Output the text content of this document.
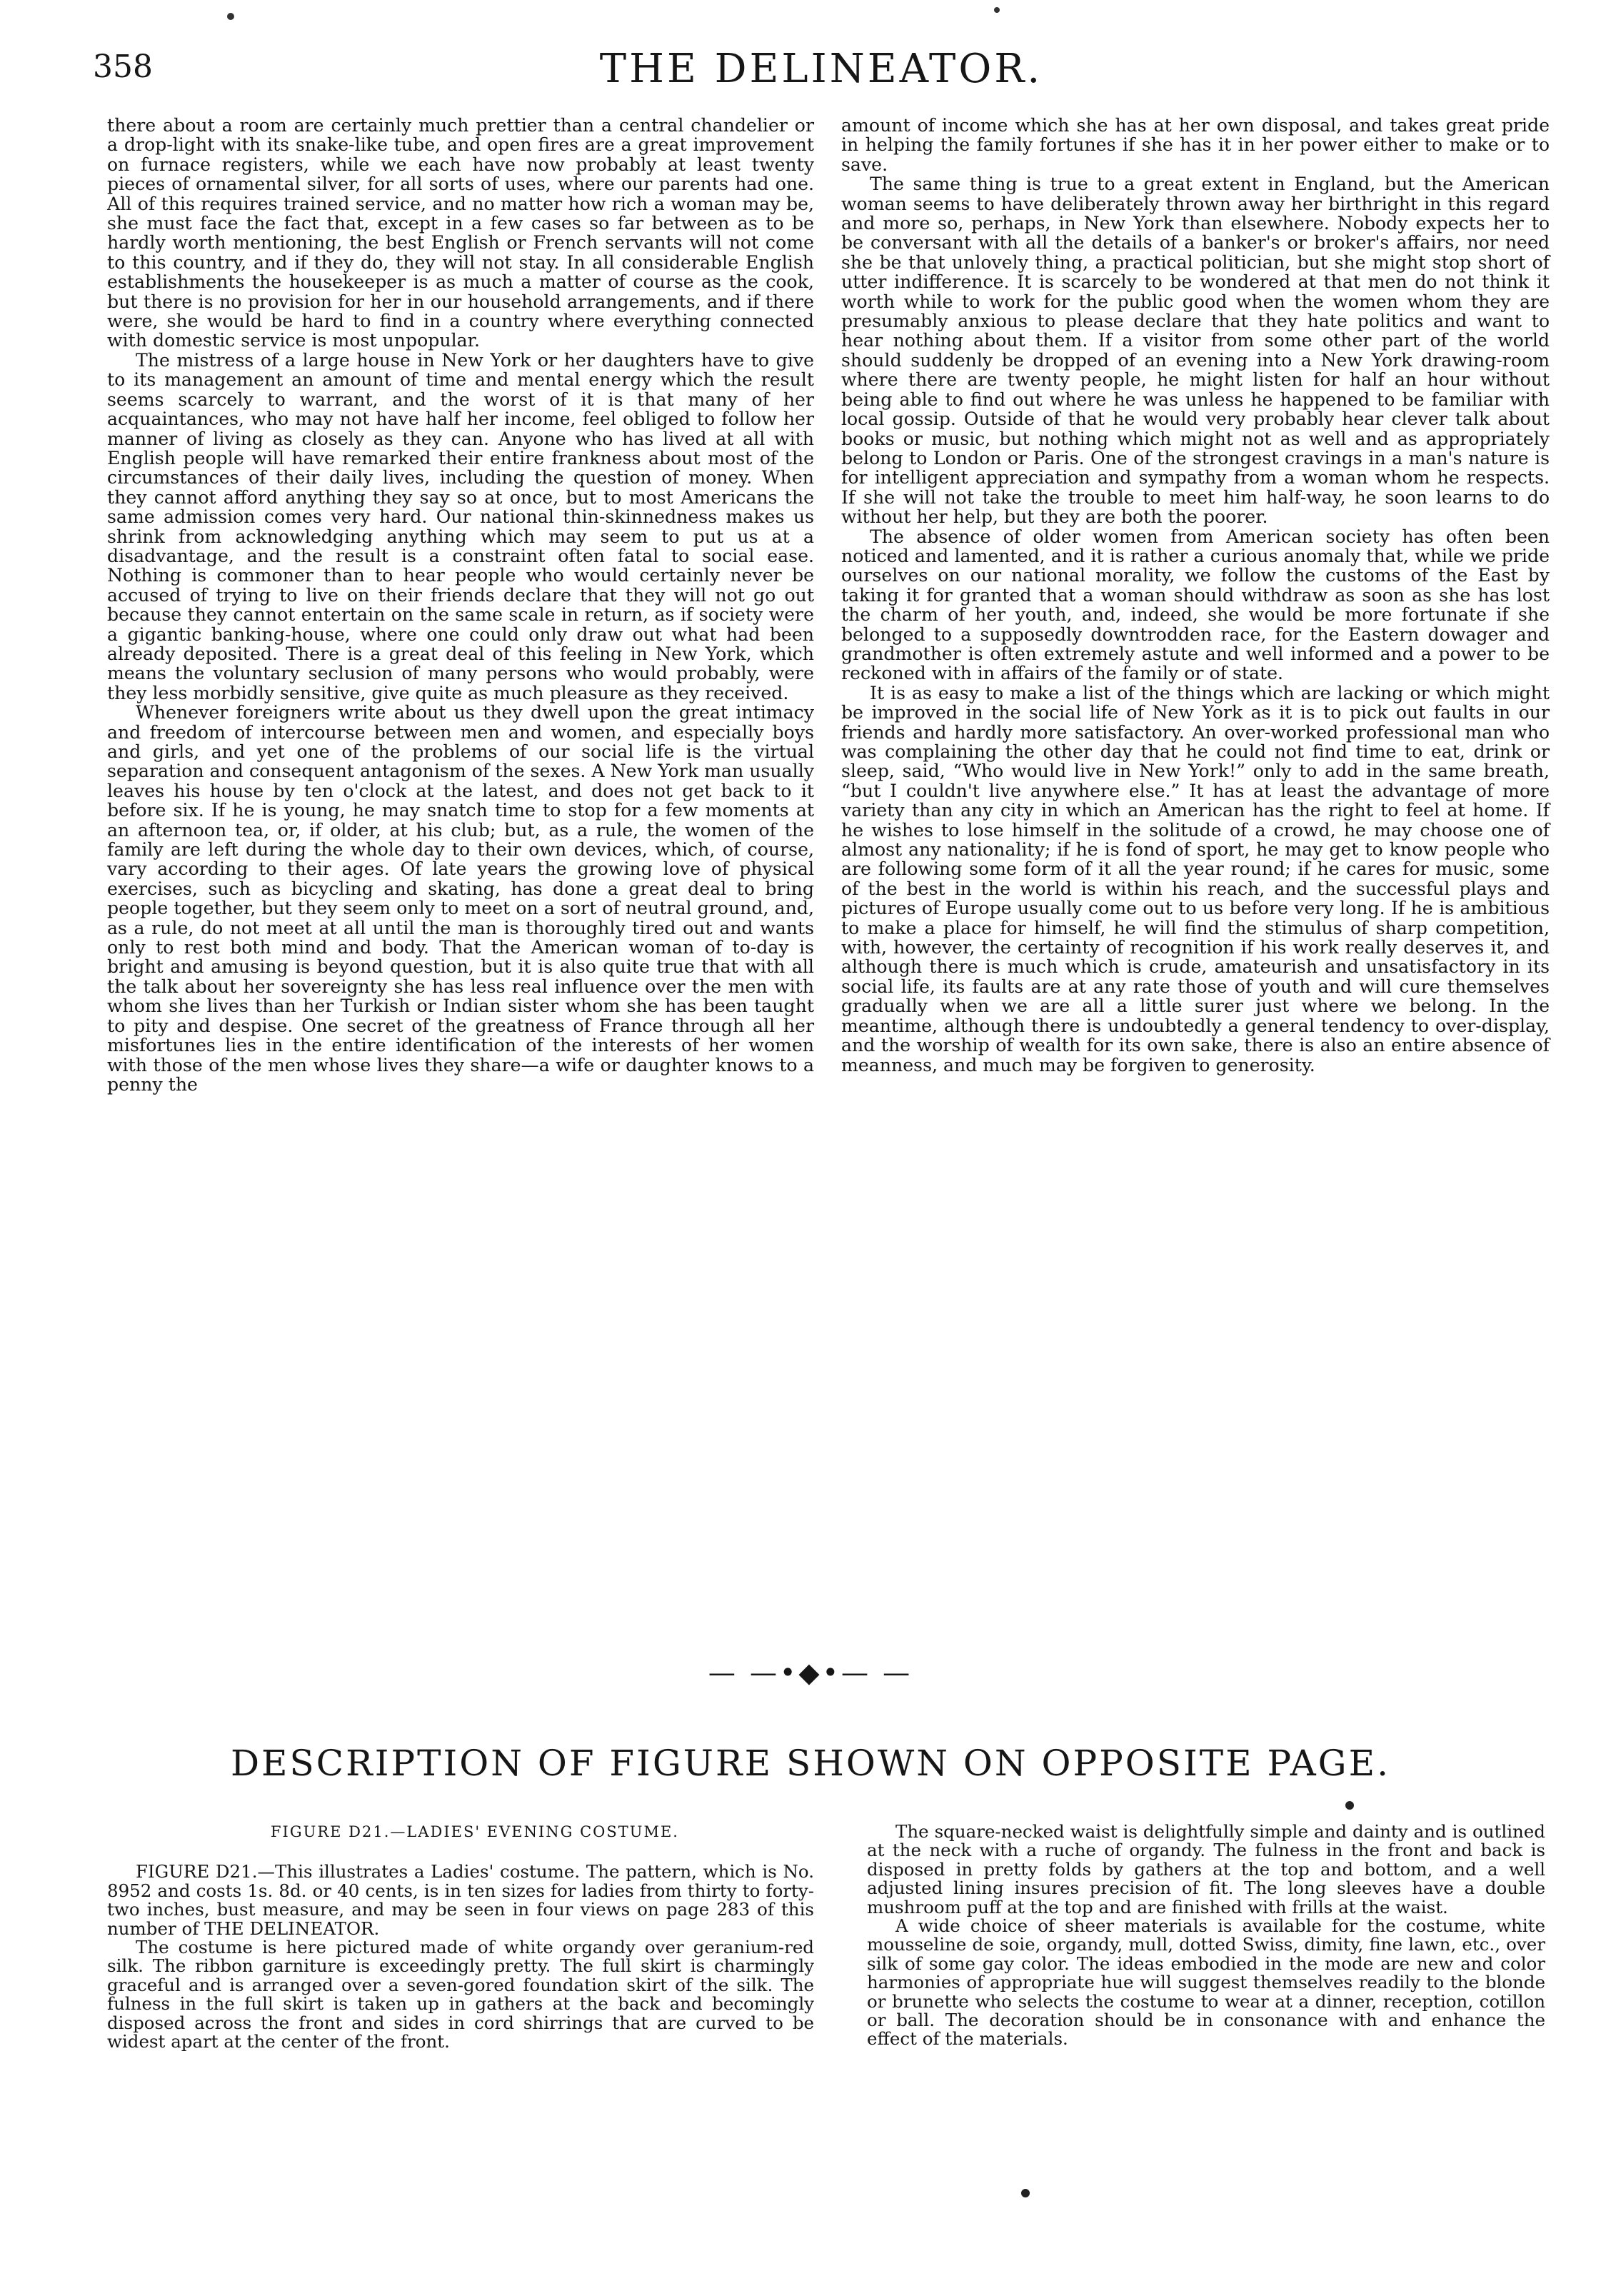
358	THE DELINEATOR.

there about a room are certainly much prettier than a central chandelier or a drop-light with its snake-like tube, and open fires are a great improvement on furnace registers, while we each have now probably at least twenty pieces of ornamental silver, for all sorts of uses, where our parents had one. All of this requires trained service, and no matter how rich a woman may be, she must face the fact that, except in a few cases so far between as to be hardly worth mentioning, the best English or French servants will not come to this country, and if they do, they will not stay. In all considerable English establishments the housekeeper is as much a matter of course as the cook, but there is no provision for her in our household arrangements, and if there were, she would be hard to find in a country where everything connected with domestic service is most unpopular.

The mistress of a large house in New York or her daughters have to give to its management an amount of time and mental energy which the result seems scarcely to warrant, and the worst of it is that many of her acquaintances, who may not have half her income, feel obliged to follow her manner of living as closely as they can. Anyone who has lived at all with English people will have remarked their entire frankness about most of the circumstances of their daily lives, including the question of money. When they cannot afford anything they say so at once, but to most Americans the same admission comes very hard. Our national thin-skinnedness makes us shrink from acknowledging anything which may seem to put us at a disadvantage, and the result is a constraint often fatal to social ease. Nothing is commoner than to hear people who would certainly never be accused of trying to live on their friends declare that they will not go out because they cannot entertain on the same scale in return, as if society were a gigantic banking-house, where one could only draw out what had been already deposited. There is a great deal of this feeling in New York, which means the voluntary seclusion of many persons who would probably, were they less morbidly sensitive, give quite as much pleasure as they received.

Whenever foreigners write about us they dwell upon the great intimacy and freedom of intercourse between men and women, and especially boys and girls, and yet one of the problems of our social life is the virtual separation and consequent antagonism of the sexes. A New York man usually leaves his house by ten o'clock at the latest, and does not get back to it before six. If he is young, he may snatch time to stop for a few moments at an afternoon tea, or, if older, at his club; but, as a rule, the women of the family are left during the whole day to their own devices, which, of course, vary according to their ages. Of late years the growing love of physical exercises, such as bicycling and skating, has done a great deal to bring people together, but they seem only to meet on a sort of neutral ground, and, as a rule, do not meet at all until the man is thoroughly tired out and wants only to rest both mind and body. That the American woman of to-day is bright and amusing is beyond question, but it is also quite true that with all the talk about her sovereignty she has less real influence over the men with whom she lives than her Turkish or Indian sister whom she has been taught to pity and despise. One secret of the greatness of France through all her misfortunes lies in the entire identification of the interests of her women with those of the men whose lives they share—a wife or daughter knows to a penny the

amount of income which she has at her own disposal, and takes great pride in helping the family fortunes if she has it in her power either to make or to save.

The same thing is true to a great extent in England, but the American woman seems to have deliberately thrown away her birthright in this regard and more so, perhaps, in New York than elsewhere. Nobody expects her to be conversant with all the details of a banker's or broker's affairs, nor need she be that unlovely thing, a practical politician, but she might stop short of utter indifference. It is scarcely to be wondered at that men do not think it worth while to work for the public good when the women whom they are presumably anxious to please declare that they hate politics and want to hear nothing about them. If a visitor from some other part of the world should suddenly be dropped of an evening into a New York drawing-room where there are twenty people, he might listen for half an hour without being able to find out where he was unless he happened to be familiar with local gossip. Outside of that he would very probably hear clever talk about books or music, but nothing which might not as well and as appropriately belong to London or Paris. One of the strongest cravings in a man's nature is for intelligent appreciation and sympathy from a woman whom he respects. If she will not take the trouble to meet him half-way, he soon learns to do without her help, but they are both the poorer.

The absence of older women from American society has often been noticed and lamented, and it is rather a curious anomaly that, while we pride ourselves on our national morality, we follow the customs of the East by taking it for granted that a woman should withdraw as soon as she has lost the charm of her youth, and, indeed, she would be more fortunate if she belonged to a supposedly downtrodden race, for the Eastern dowager and grandmother is often extremely astute and well informed and a power to be reckoned with in affairs of the family or of state.

It is as easy to make a list of the things which are lacking or which might be improved in the social life of New York as it is to pick out faults in our friends and hardly more satisfactory. An over-worked professional man who was complaining the other day that he could not find time to eat, drink or sleep, said, “Who would live in New York!” only to add in the same breath, “but I couldn't live anywhere else.” It has at least the advantage of more variety than any city in which an American has the right to feel at home. If he wishes to lose himself in the solitude of a crowd, he may choose one of almost any nationality; if he is fond of sport, he may get to know people who are following some form of it all the year round; if he cares for music, some of the best in the world is within his reach, and the successful plays and pictures of Europe usually come out to us before very long. If he is ambitious to make a place for himself, he will find the stimulus of sharp competition, with, however, the certainty of recognition if his work really deserves it, and although there is much which is crude, amateurish and unsatisfactory in its social life, its faults are at any rate those of youth and will cure themselves gradually when we are all a little surer just where we belong. In the meantime, although there is undoubtedly a general tendency to over-display, and the worship of wealth for its own sake, there is also an entire absence of meanness, and much may be forgiven to generosity.

— —•◆•— —
DESCRIPTION OF FIGURE SHOWN ON OPPOSITE PAGE.

FIGURE D21.—LADIES' EVENING COSTUME.

FIGURE D21.—This illustrates a Ladies' costume. The pattern, which is No. 8952 and costs 1s. 8d. or 40 cents, is in ten sizes for ladies from thirty to forty-two inches, bust measure, and may be seen in four views on page 283 of this number of THE DELINEATOR.

The costume is here pictured made of white organdy over geranium-red silk. The ribbon garniture is exceedingly pretty. The full skirt is charmingly graceful and is arranged over a seven-gored foundation skirt of the silk. The fulness in the full skirt is taken up in gathers at the back and becomingly disposed across the front and sides in cord shirrings that are curved to be widest apart at the center of the front.

The square-necked waist is delightfully simple and dainty and is outlined at the neck with a ruche of organdy. The fulness in the front and back is disposed in pretty folds by gathers at the top and bottom, and a well adjusted lining insures precision of fit. The long sleeves have a double mushroom puff at the top and are finished with frills at the waist.

A wide choice of sheer materials is available for the costume, white mousseline de soie, organdy, mull, dotted Swiss, dimity, fine lawn, etc., over silk of some gay color. The ideas embodied in the mode are new and color harmonies of appropriate hue will suggest themselves readily to the blonde or brunette who selects the costume to wear at a dinner, reception, cotillon or ball. The decoration should be in consonance with and enhance the effect of the materials.
